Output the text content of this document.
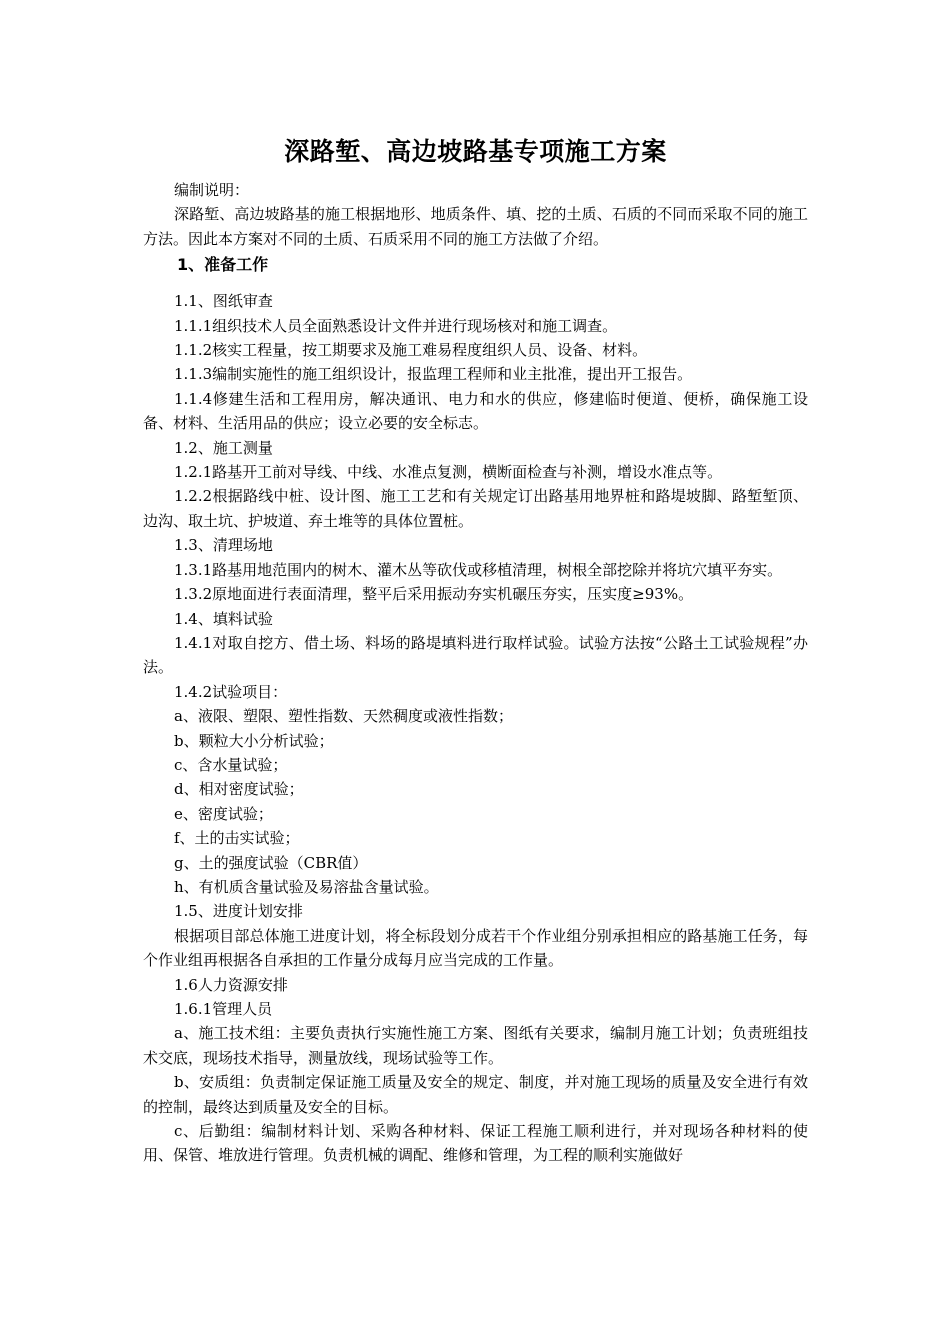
深路堑、高边坡路基专项施工方案

编制说明：

深路堑、高边坡路基的施工根据地形、地质条件、填、挖的土质、石质的不同而采取不同的施工方法。因此本方案对不同的土质、石质采用不同的施工方法做了介绍。

1、准备工作

1.1、图纸审查

1.1.1组织技术人员全面熟悉设计文件并进行现场核对和施工调查。

1.1.2核实工程量，按工期要求及施工难易程度组织人员、设备、材料。

1.1.3编制实施性的施工组织设计，报监理工程师和业主批准，提出开工报告。

1.1.4修建生活和工程用房，解决通讯、电力和水的供应，修建临时便道、便桥，确保施工设备、材料、生活用品的供应；设立必要的安全标志。

1.2、施工测量

1.2.1路基开工前对导线、中线、水准点复测，横断面检查与补测，增设水准点等。

1.2.2根据路线中桩、设计图、施工工艺和有关规定订出路基用地界桩和路堤坡脚、路堑堑顶、边沟、取土坑、护坡道、弃土堆等的具体位置桩。

1.3、清理场地

1.3.1路基用地范围内的树木、灌木丛等砍伐或移植清理，树根全部挖除并将坑穴填平夯实。

1.3.2原地面进行表面清理，整平后采用振动夯实机碾压夯实，压实度≥93%。

1.4、填料试验

1.4.1对取自挖方、借土场、料场的路堤填料进行取样试验。试验方法按“公路土工试验规程”办法。

1.4.2试验项目：

a、液限、塑限、塑性指数、天然稠度或液性指数；

b、颗粒大小分析试验；

c、含水量试验；

d、相对密度试验；

e、密度试验；

f、土的击实试验；

g、土的强度试验（CBR值）

h、有机质含量试验及易溶盐含量试验。

1.5、进度计划安排

根据项目部总体施工进度计划，将全标段划分成若干个作业组分别承担相应的路基施工任务，每个作业组再根据各自承担的工作量分成每月应当完成的工作量。

1.6人力资源安排

1.6.1管理人员

a、施工技术组：主要负责执行实施性施工方案、图纸有关要求，编制月施工计划；负责班组技术交底，现场技术指导，测量放线，现场试验等工作。

b、安质组：负责制定保证施工质量及安全的规定、制度，并对施工现场的质量及安全进行有效的控制，最终达到质量及安全的目标。

c、后勤组：编制材料计划、采购各种材料、保证工程施工顺利进行，并对现场各种材料的使用、保管、堆放进行管理。负责机械的调配、维修和管理，为工程的顺利实施做好
